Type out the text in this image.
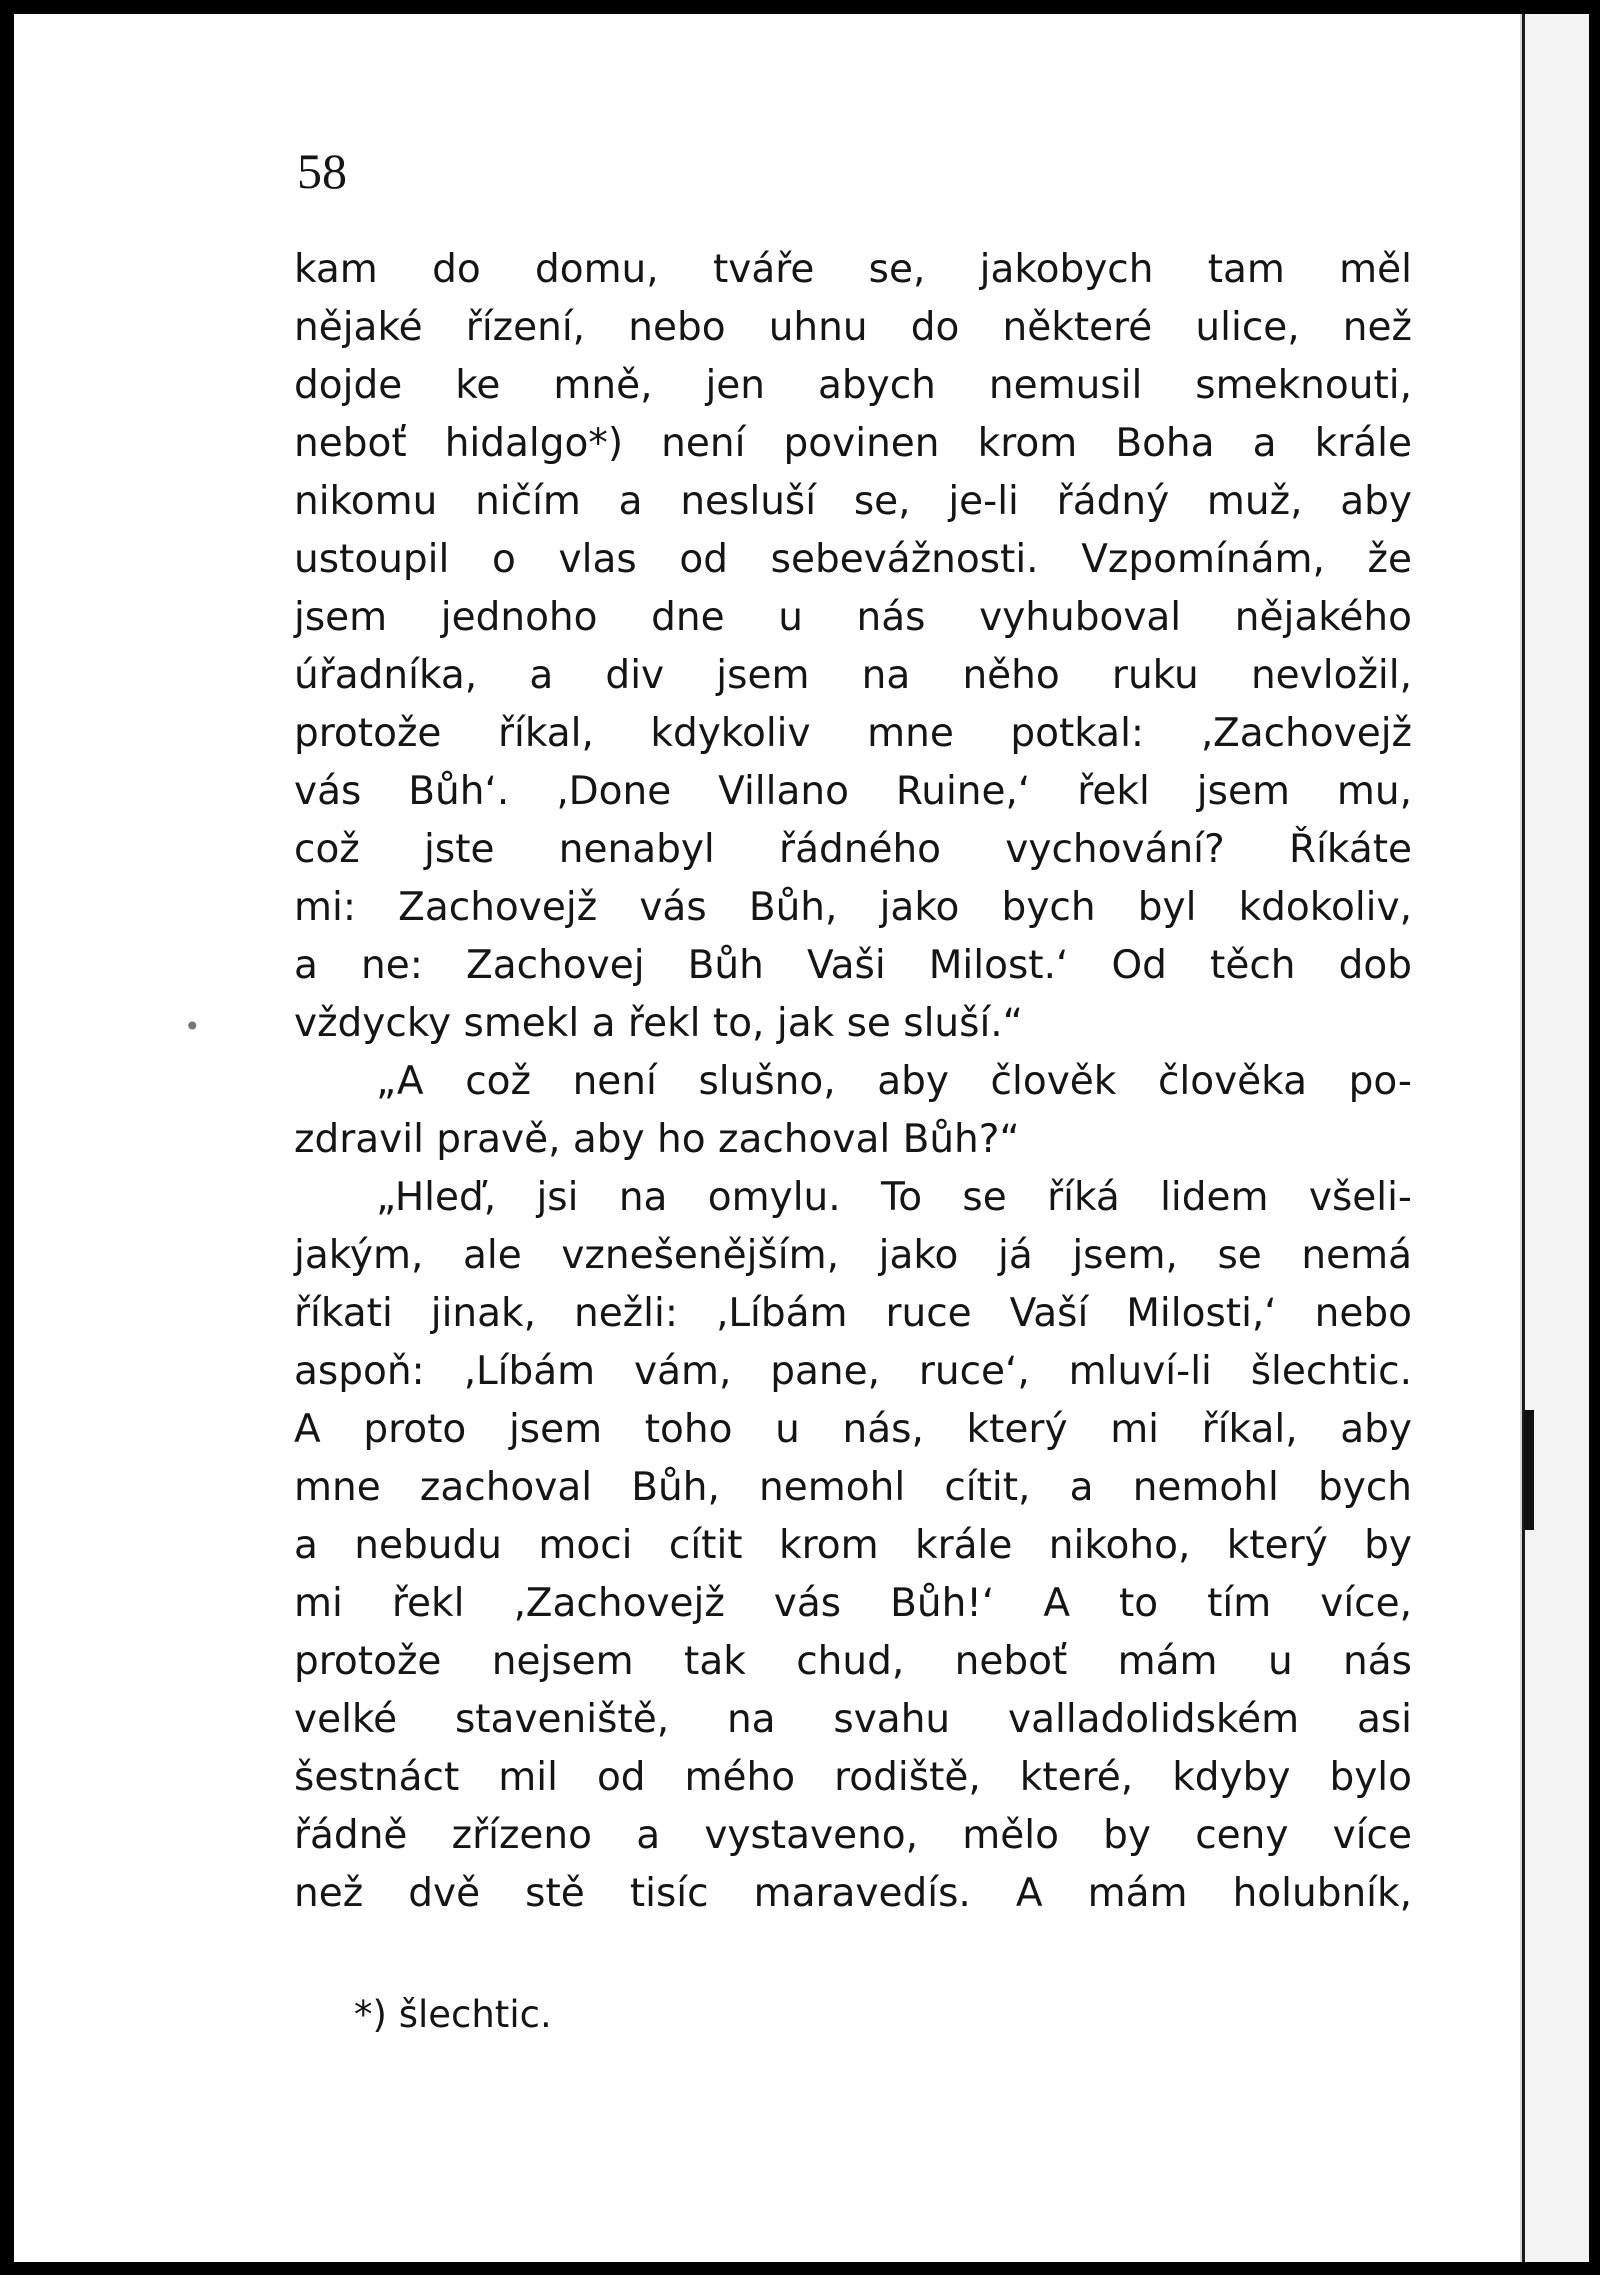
58
kam do domu, tváře se, jakobych tam měl
nějaké řízení, nebo uhnu do některé ulice, než
dojde ke mně, jen abych nemusil smeknouti,
neboť hidalgo*) není povinen krom Boha a krále
nikomu ničím a nesluší se, je-li řádný muž, aby
ustoupil o vlas od sebevážnosti. Vzpomínám, že
jsem jednoho dne u nás vyhuboval nějakého
úřadníka, a div jsem na něho ruku nevložil,
protože říkal, kdykoliv mne potkal: ‚Zachovejž
vás Bůh‘. ‚Done Villano Ruine,‘ řekl jsem mu,
což jste nenabyl řádného vychování? Říkáte
mi: Zachovejž vás Bůh, jako bych byl kdokoliv,
a ne: Zachovej Bůh Vaši Milost.‘ Od těch dob
vždycky smekl a řekl to, jak se sluší.“
„A což není slušno, aby člověk člověka po-
zdravil pravě, aby ho zachoval Bůh?“
„Hleď, jsi na omylu. To se říká lidem všeli-
jakým, ale vznešenějším, jako já jsem, se nemá
říkati jinak, nežli: ‚Líbám ruce Vaší Milosti,‘ nebo
aspoň: ‚Líbám vám, pane, ruce‘, mluví-li šlechtic.
A proto jsem toho u nás, který mi říkal, aby
mne zachoval Bůh, nemohl cítit, a nemohl bych
a nebudu moci cítit krom krále nikoho, který by
mi řekl ‚Zachovejž vás Bůh!‘ A to tím více,
protože nejsem tak chud, neboť mám u nás
velké staveniště, na svahu valladolidském asi
šestnáct mil od mého rodiště, které, kdyby bylo
řádně zřízeno a vystaveno, mělo by ceny více
než dvě stě tisíc maravedís. A mám holubník,
*) šlechtic.
•
